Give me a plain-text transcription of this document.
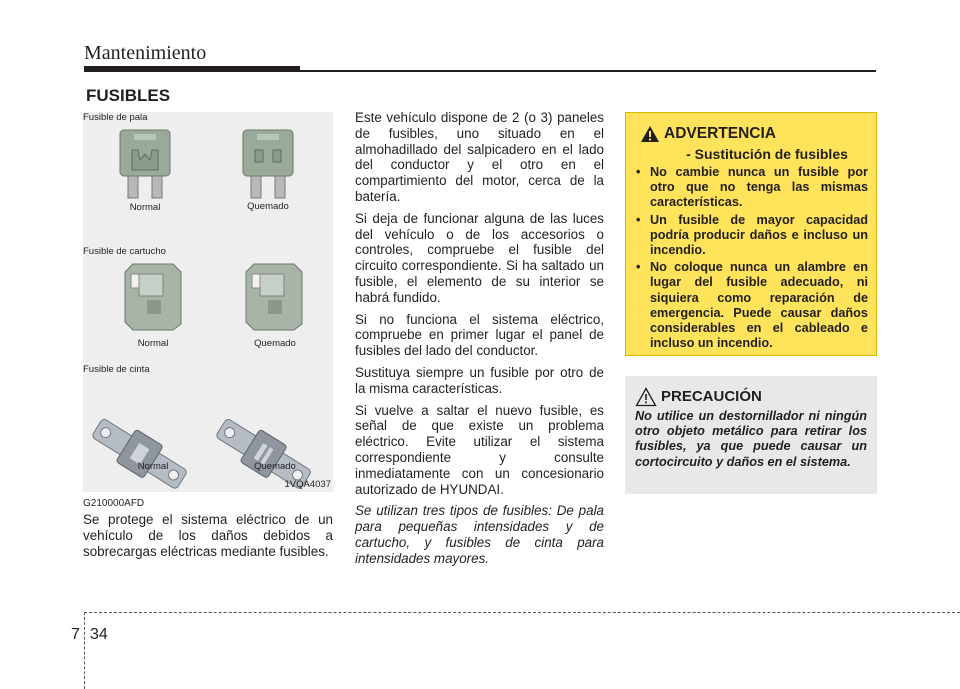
Mantenimiento
FUSIBLES
Fusible de pala
Normal	Quemado
Fusible de cartucho
Normal	Quemado
Fusible de cinta
Normal	Quemado
1VQA4037
G210000AFD

Se protege el sistema eléctrico de un vehículo de los daños debidos a sobrecargas eléctricas mediante fusibles.

Este vehículo dispone de 2 (o 3) paneles de fusibles, uno situado en el almohadillado del salpicadero en el lado del conductor y el otro en el compartimiento del motor, cerca de la batería.

Si deja de funcionar alguna de las luces del vehículo o de los accesorios o controles, compruebe el fusible del circuito correspondiente. Si ha saltado un fusible, el elemento de su interior se habrá fundido.

Si no funciona el sistema eléctrico, compruebe en primer lugar el panel de fusibles del lado del conductor.

Sustituya siempre un fusible por otro de la misma características.

Si vuelve a saltar el nuevo fusible, es señal de que existe un problema eléctrico. Evite utilizar el sistema correspondiente y consulte inmediatamente con un concesionario autorizado de HYUNDAI.

Se utilizan tres tipos de fusibles: De pala para pequeñas intensidades y de cartucho, y fusibles de cinta para intensidades mayores.

ADVERTENCIA
- Sustitución de fusibles
• No cambie nunca un fusible por otro que no tenga las mismas características.
• Un fusible de mayor capacidad podría producir daños e incluso un incendio.
• No coloque nunca un alambre en lugar del fusible adecuado, ni siquiera como reparación de emergencia. Puede causar daños considerables en el cableado e incluso un incendio.
PRECAUCIÓN
No utilice un destornillador ni ningún otro objeto metálico para retirar los fusibles, ya que puede causar un cortocircuito y daños en el sistema.
7 34
